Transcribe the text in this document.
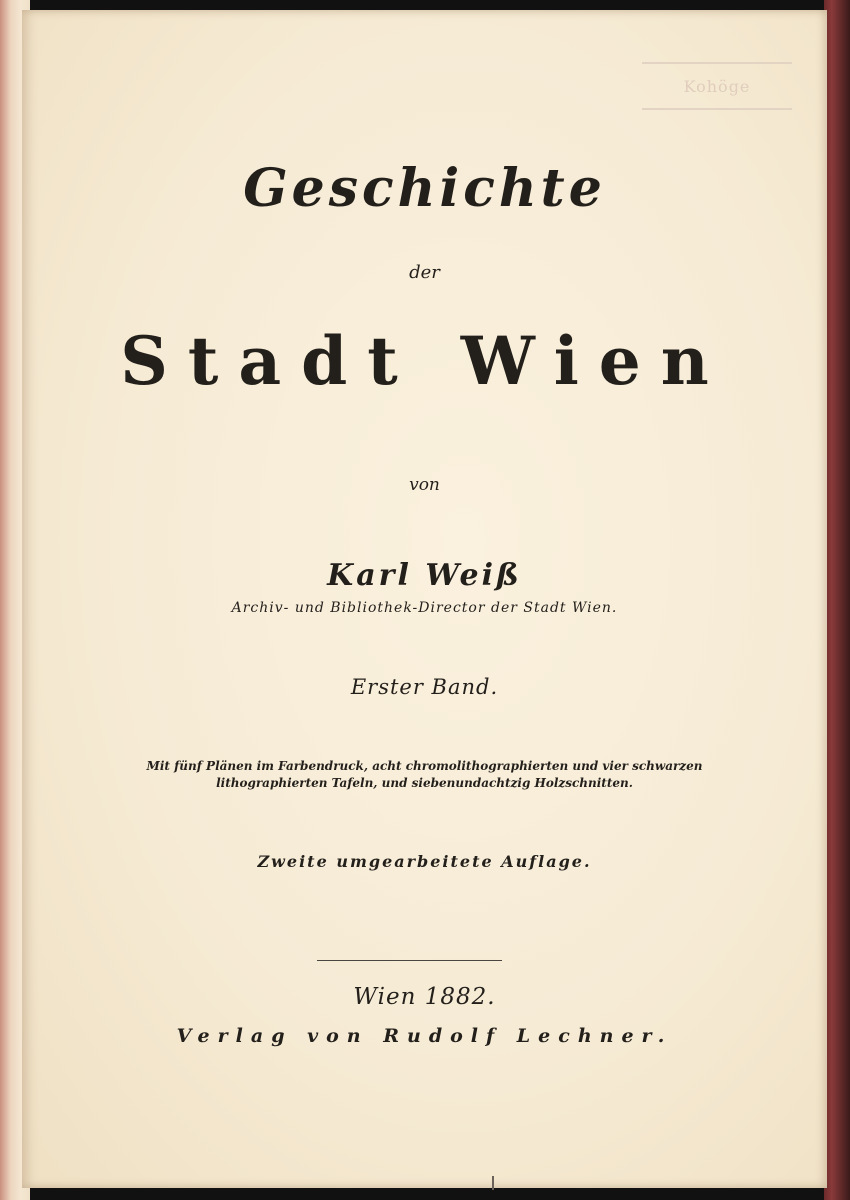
Kohöge
Geschichte
der
Stadt Wien
von
Karl Weiß
Archiv- und Bibliothek-Director der Stadt Wien.
Erster Band.
Mit fünf Plänen im Farbendruck, acht chromolithographierten und vier schwarzen lithographierten Tafeln, und siebenundachtzig Holzschnitten.
Zweite umgearbeitete Auflage.
Wien 1882.
Verlag von Rudolf Lechner.
